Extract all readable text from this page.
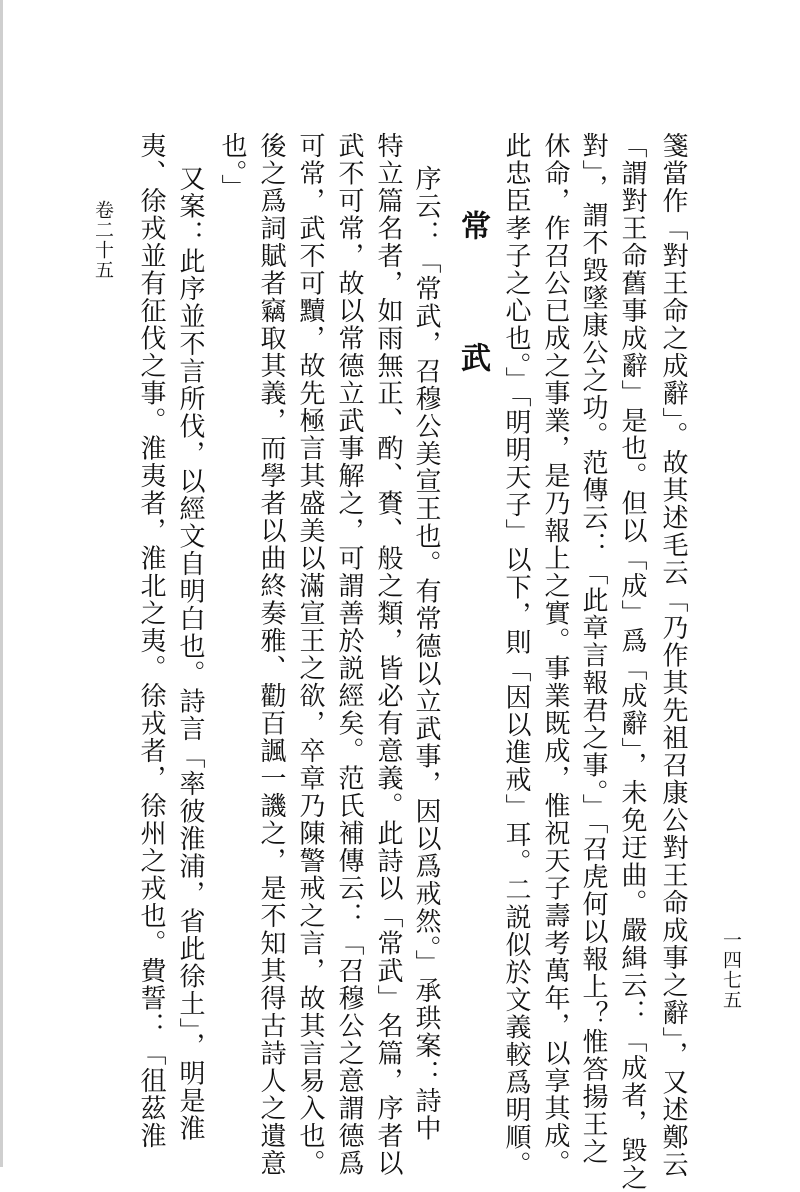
卷二十五
一四七五
箋當作「對王命之成辭」。故其述毛云「乃作其先祖召康公對王命成事之辭」，又述鄭云
「謂對王命舊事成辭」是也。但以「成」爲「成辭」，未免迂曲。嚴緝云：「成者，毀之
對」，謂不毀墜康公之功。范傳云：「此章言報君之事。」「召虎何以報上？惟答揚王之
休命，作召公已成之事業，是乃報上之實。事業既成，惟祝天子壽考萬年，以享其成。
此忠臣孝子之心也。」「明明天子」以下，則「因以進戒」耳。二説似於文義較爲明順。
常　武
序云：「常武，召穆公美宣王也。有常德以立武事，因以爲戒然。」承珙案：詩中
特立篇名者，如雨無正、酌、賚、般之類，皆必有意義。此詩以「常武」名篇，序者以
武不可常，故以常德立武事解之，可謂善於説經矣。范氏補傳云：「召穆公之意謂德爲
可常，武不可黷，故先極言其盛美以滿宣王之欲，卒章乃陳警戒之言，故其言易入也。
後之爲詞賦者竊取其義，而學者以曲終奏雅、勸百諷一譏之，是不知其得古詩人之遺意
也。」
又案：此序並不言所伐，以經文自明白也。詩言「率彼淮浦，省此徐土」，明是淮
夷、徐戎並有征伐之事。淮夷者，淮北之夷。徐戎者，徐州之戎也。費誓：「徂茲淮
